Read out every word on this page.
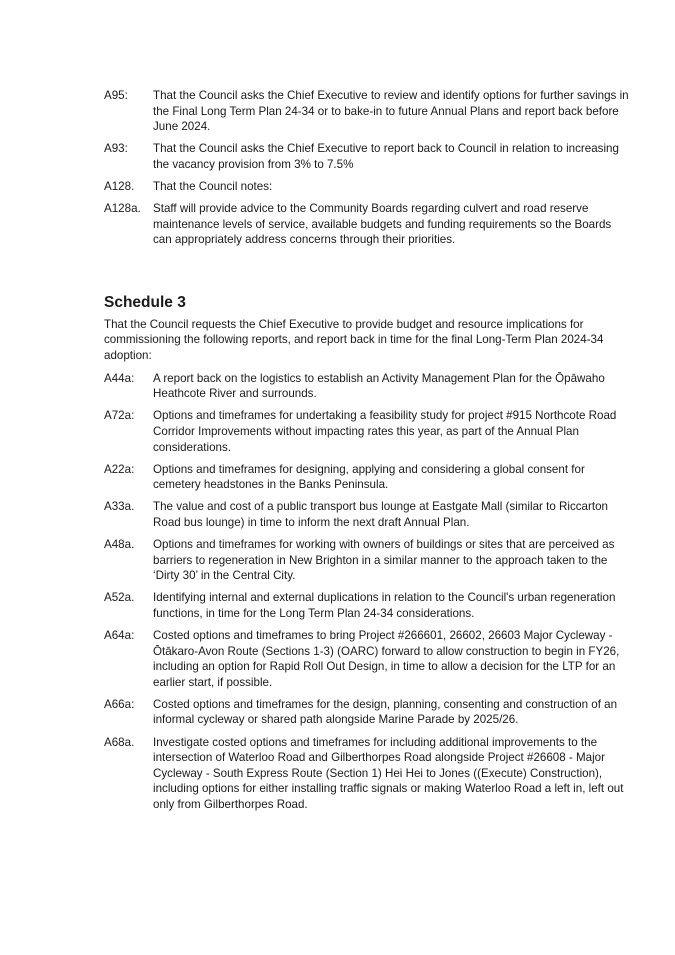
A95:	That the Council asks the Chief Executive to review and identify options for further savings in the Final Long Term Plan 24-34 or to bake-in to future Annual Plans and report back before June 2024.
A93:	That the Council asks the Chief Executive to report back to Council in relation to increasing the vacancy provision from 3% to 7.5%
A128.	That the Council notes:
A128a.	Staff will provide advice to the Community Boards regarding culvert and road reserve maintenance levels of service, available budgets and funding requirements so the Boards can appropriately address concerns through their priorities.
Schedule 3
That the Council requests the Chief Executive to provide budget and resource implications for commissioning the following reports, and report back in time for the final Long-Term Plan 2024-34 adoption:
A44a:	A report back on the logistics to establish an Activity Management Plan for the Ōpāwaho Heathcote River and surrounds.
A72a:	Options and timeframes for undertaking a feasibility study for project #915 Northcote Road Corridor Improvements without impacting rates this year, as part of the Annual Plan considerations.
A22a:	Options and timeframes for designing, applying and considering a global consent for cemetery headstones in the Banks Peninsula.
A33a.	The value and cost of a public transport bus lounge at Eastgate Mall (similar to Riccarton Road bus lounge) in time to inform the next draft Annual Plan.
A48a.	Options and timeframes for working with owners of buildings or sites that are perceived as barriers to regeneration in New Brighton in a similar manner to the approach taken to the ‘Dirty 30’ in the Central City.
A52a.	Identifying internal and external duplications in relation to the Council's urban regeneration functions, in time for the Long Term Plan 24-34 considerations.
A64a:	Costed options and timeframes to bring Project #266601, 26602, 26603 Major Cycleway - Ōtākaro-Avon Route (Sections 1-3) (OARC) forward to allow construction to begin in FY26, including an option for Rapid Roll Out Design, in time to allow a decision for the LTP for an earlier start, if possible.
A66a:	Costed options and timeframes for the design, planning, consenting and construction of an informal cycleway or shared path alongside Marine Parade by 2025/26.
A68a.	Investigate costed options and timeframes for including additional improvements to the intersection of Waterloo Road and Gilberthorpes Road alongside Project #26608 - Major Cycleway - South Express Route (Section 1) Hei Hei to Jones ((Execute) Construction), including options for either installing traffic signals or making Waterloo Road a left in, left out only from Gilberthorpes Road.
